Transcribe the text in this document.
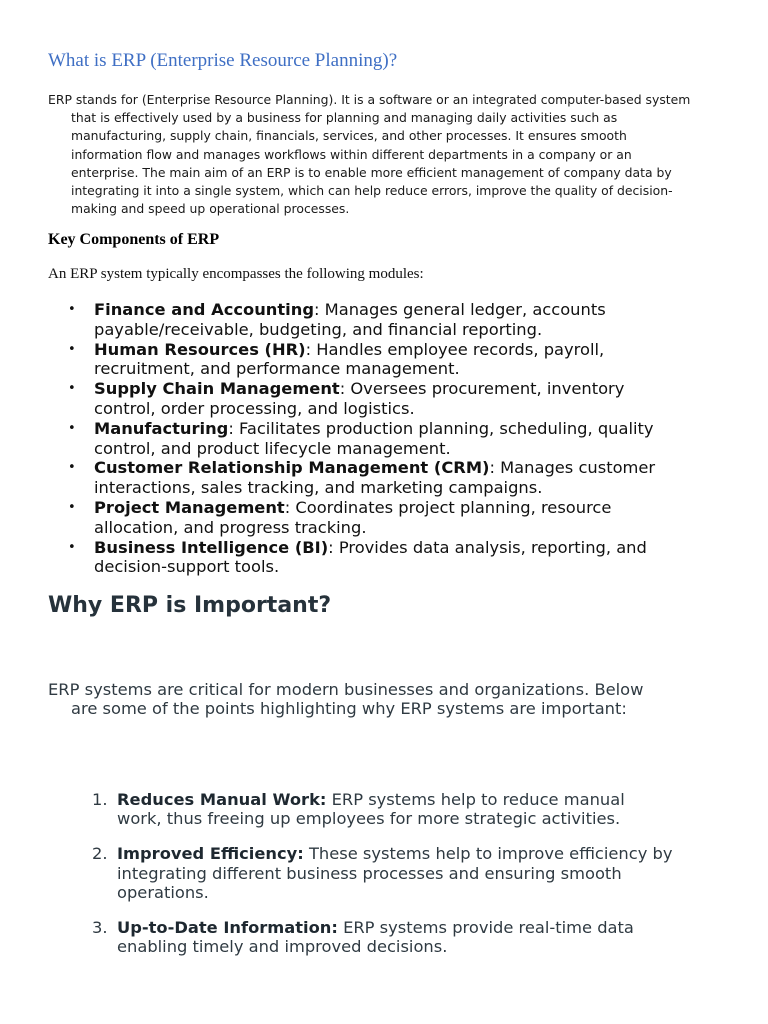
What is ERP (Enterprise Resource Planning)?

ERP stands for (Enterprise Resource Planning). It is a software or an integrated computer-based system that is effectively used by a business for planning and managing daily activities such as manufacturing, supply chain, financials, services, and other processes. It ensures smooth information flow and manages workflows within different departments in a company or an enterprise. The main aim of an ERP is to enable more efficient management of company data by integrating it into a single system, which can help reduce errors, improve the quality of decision-making and speed up operational processes.

Key Components of ERP

An ERP system typically encompasses the following modules:

• Finance and Accounting: Manages general ledger, accounts payable/receivable, budgeting, and financial reporting.
• Human Resources (HR): Handles employee records, payroll, recruitment, and performance management.
• Supply Chain Management: Oversees procurement, inventory control, order processing, and logistics.
• Manufacturing: Facilitates production planning, scheduling, quality control, and product lifecycle management.
• Customer Relationship Management (CRM): Manages customer interactions, sales tracking, and marketing campaigns.
• Project Management: Coordinates project planning, resource allocation, and progress tracking.
• Business Intelligence (BI): Provides data analysis, reporting, and decision-support tools.
Why ERP is Important?

ERP systems are critical for modern businesses and organizations. Below are some of the points highlighting why ERP systems are important:

1. Reduces Manual Work: ERP systems help to reduce manual work, thus freeing up employees for more strategic activities.
2. Improved Efficiency: These systems help to improve efficiency by integrating different business processes and ensuring smooth operations.
3. Up-to-Date Information: ERP systems provide real-time data enabling timely and improved decisions.
